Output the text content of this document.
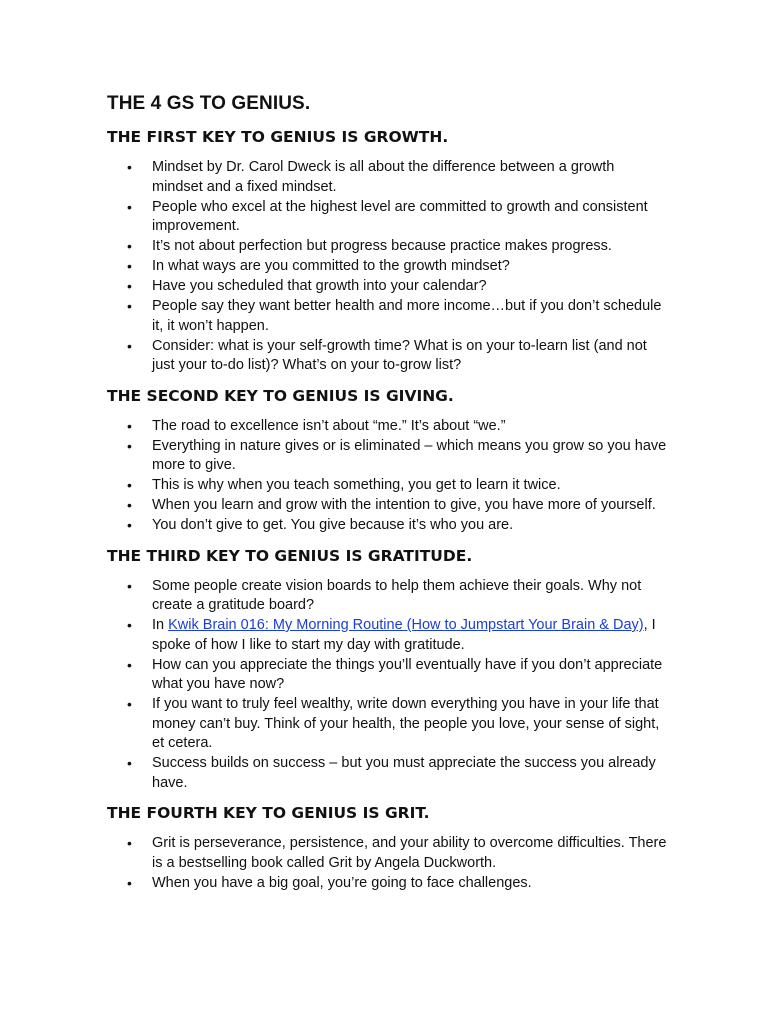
THE 4 GS TO GENIUS.
THE FIRST KEY TO GENIUS IS GROWTH.
• Mindset by Dr. Carol Dweck is all about the difference between a growth mindset and a fixed mindset.
• People who excel at the highest level are committed to growth and consistent improvement.
• It’s not about perfection but progress because practice makes progress.
• In what ways are you committed to the growth mindset?
• Have you scheduled that growth into your calendar?
• People say they want better health and more income…but if you don’t schedule it, it won’t happen.
• Consider: what is your self-growth time? What is on your to-learn list (and not just your to-do list)? What’s on your to-grow list?
THE SECOND KEY TO GENIUS IS GIVING.
• The road to excellence isn’t about “me.” It’s about “we.”
• Everything in nature gives or is eliminated – which means you grow so you have more to give.
• This is why when you teach something, you get to learn it twice.
• When you learn and grow with the intention to give, you have more of yourself.
• You don’t give to get. You give because it’s who you are.
THE THIRD KEY TO GENIUS IS GRATITUDE.
• Some people create vision boards to help them achieve their goals. Why not create a gratitude board?
• In Kwik Brain 016: My Morning Routine (How to Jumpstart Your Brain & Day), I spoke of how I like to start my day with gratitude.
• How can you appreciate the things you’ll eventually have if you don’t appreciate what you have now?
• If you want to truly feel wealthy, write down everything you have in your life that money can’t buy. Think of your health, the people you love, your sense of sight, et cetera.
• Success builds on success – but you must appreciate the success you already have.
THE FOURTH KEY TO GENIUS IS GRIT.
• Grit is perseverance, persistence, and your ability to overcome difficulties. There is a bestselling book called Grit by Angela Duckworth.
• When you have a big goal, you’re going to face challenges.
